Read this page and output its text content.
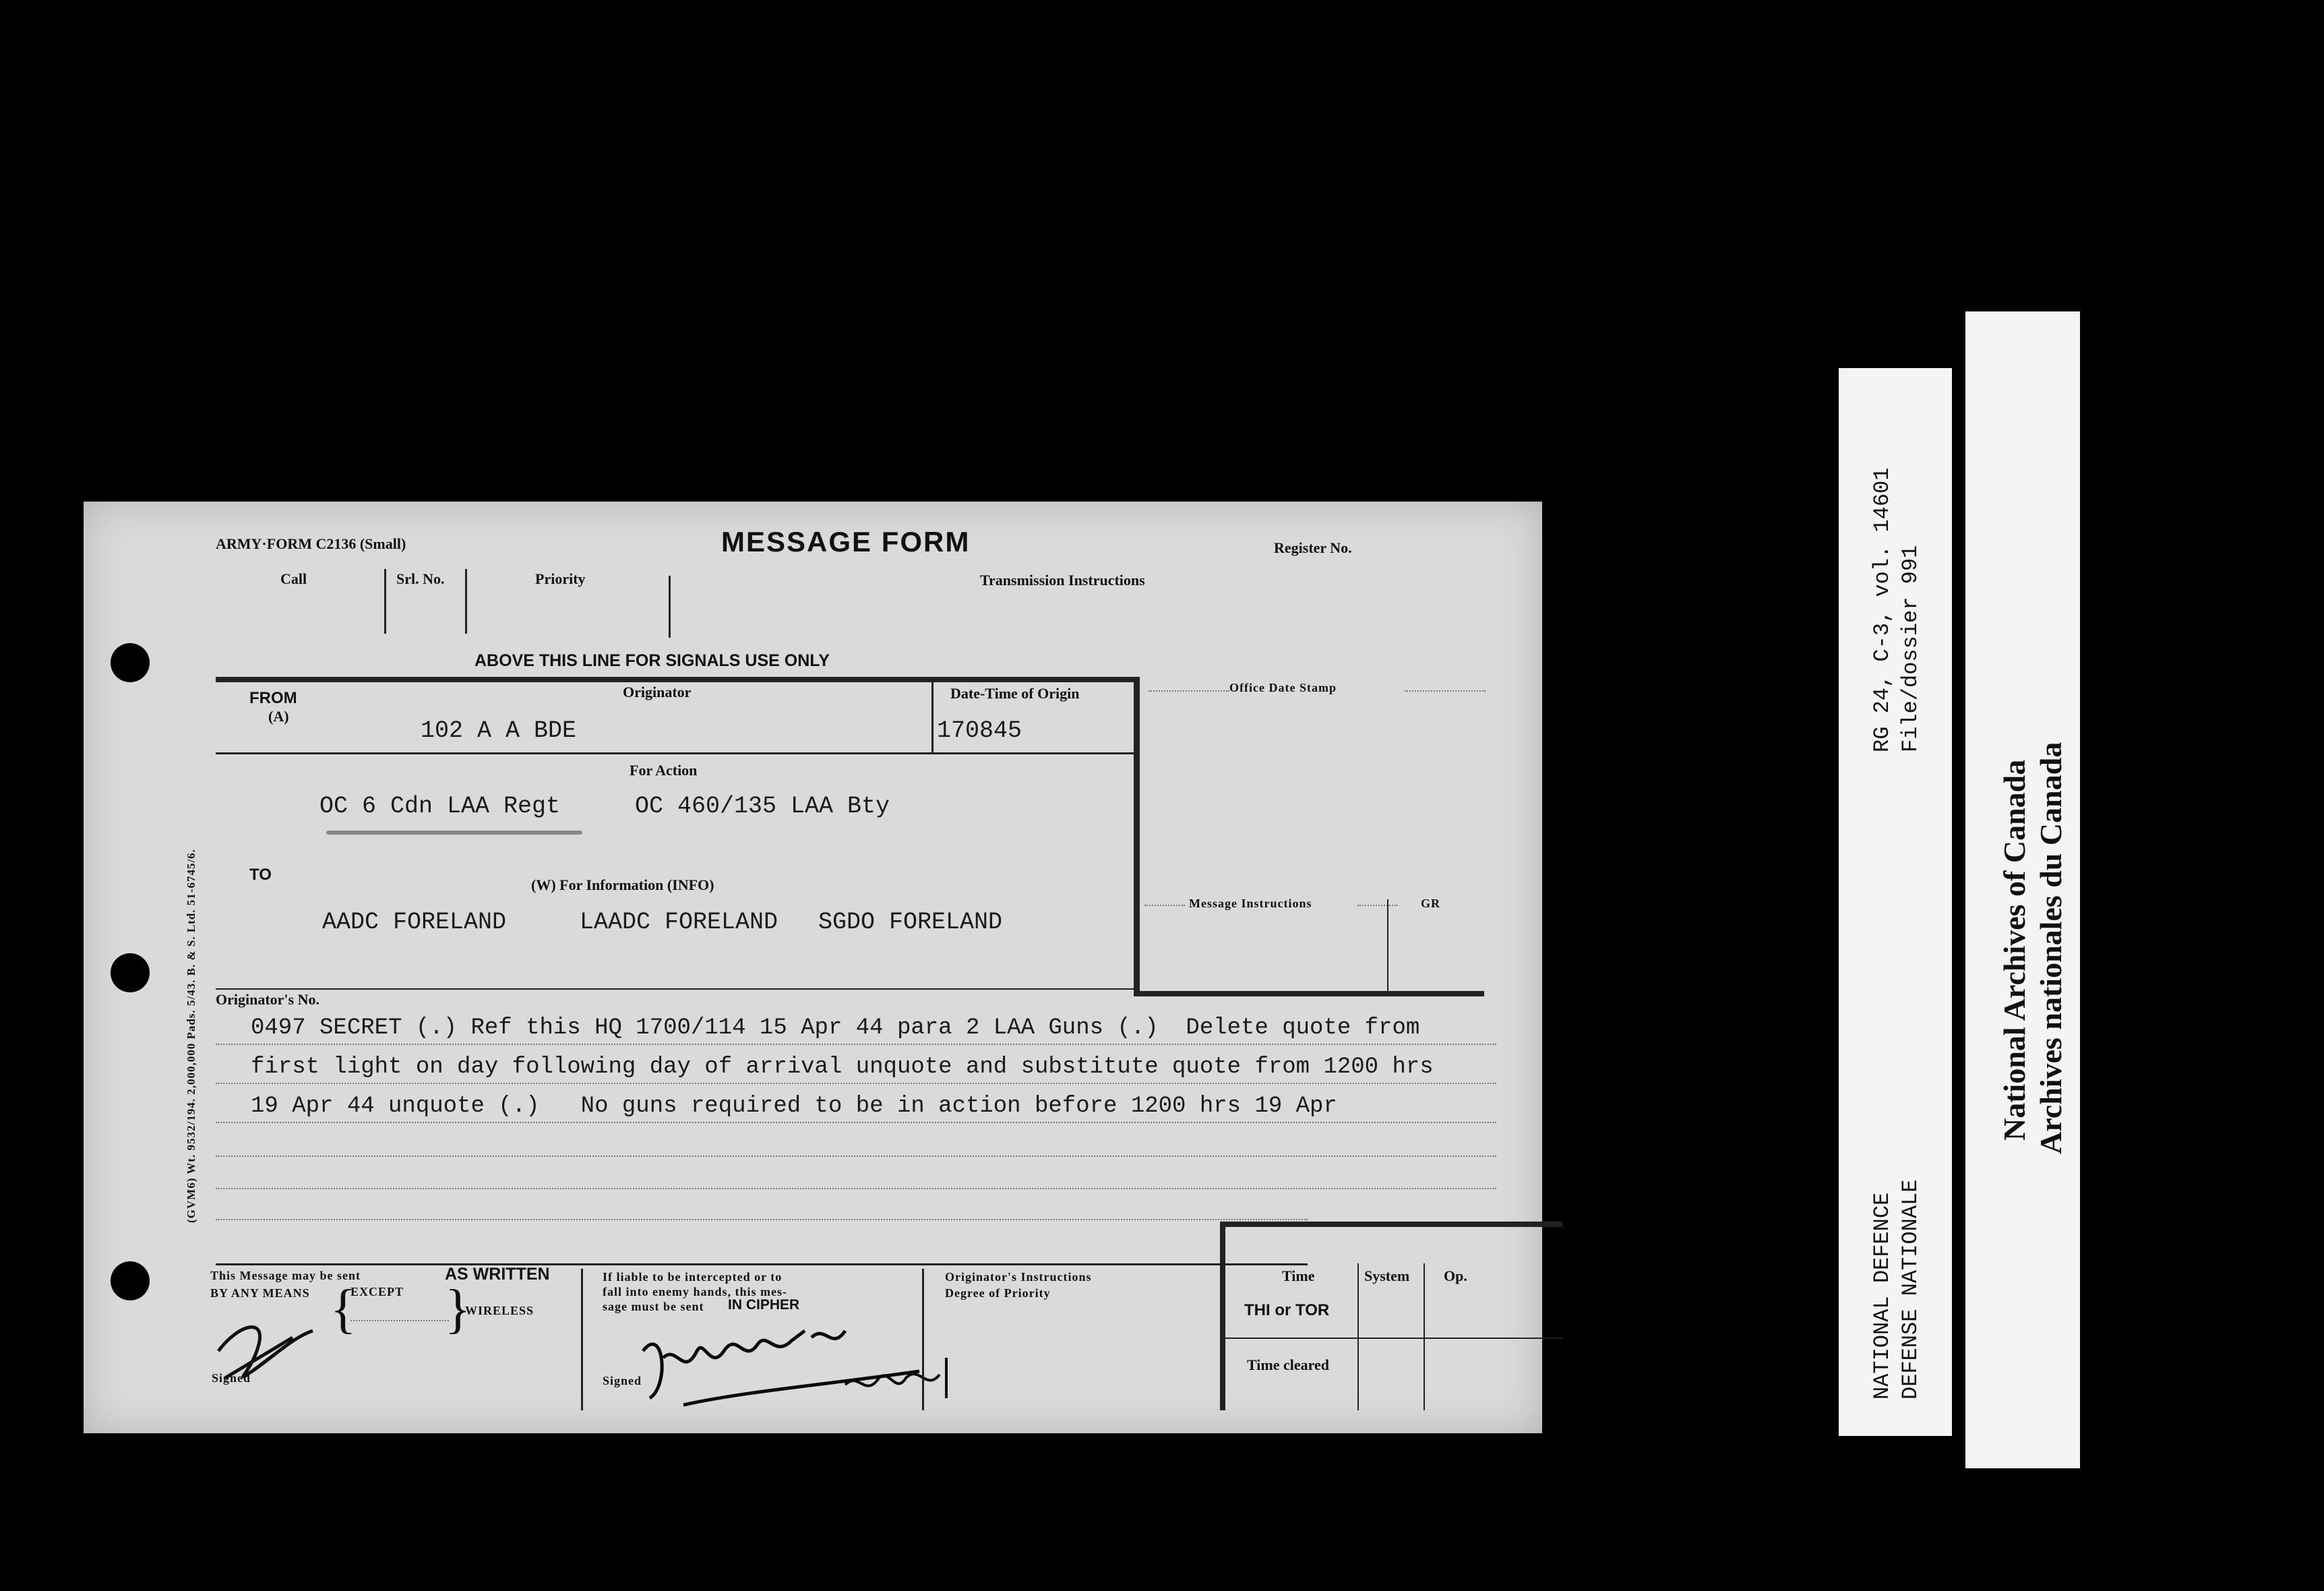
(GVM6) Wt. 9532/194. 2,000,000 Pads. 5/43. B. & S. Ltd. 51-6745/6.
ARMY·FORM C2136 (Small)	MESSAGE FORM	Register No.
Call	Srl. No.	Priority	Transmission Instructions
ABOVE THIS LINE FOR SIGNALS USE ONLY
FROM
(A)
Originator
102 A A BDE
Date-Time of Origin
170845
Office Date Stamp
For Action
OC 6 Cdn LAA Regt	OC 460/135 LAA Bty
TO
(W) For Information (INFO)
AADC FORELAND	LAADC FORELAND SGDO FORELAND
Message Instructions	GR
Originator's No.
0497 SECRET (.) Ref this HQ 1700/114 15 Apr 44 para 2 LAA Guns (.)  Delete quote from
first light on day following day of arrival unquote and substitute quote from 1200 hrs
19 Apr 44 unquote (.)   No guns required to be in action before 1200 hrs 19 Apr
This Message may be sent	AS WRITTEN
BY ANY MEANS {
EXCEPT }
WIRELESS
Signed
If liable to be intercepted or to
fall into enemy hands, this mes-
sage must be sent IN CIPHER
Signed
Originator's Instructions
Degree of Priority
Time	System Op.
THI or TOR
Time cleared
RG 24, C-3, vol. 14601 File/dossier 991
NATIONAL DEFENCE DEFENSE NATIONALE
National Archives of Canada Archives nationales du Canada
